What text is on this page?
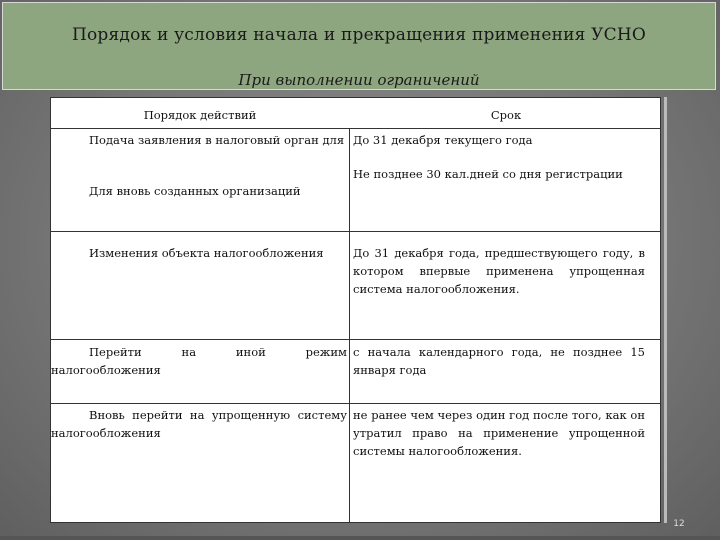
Порядок и условия начала и прекращения применения УСНО
При выполнении ограничений
Порядок действий	Срок
Подача заявления в налоговый орган для
Для вновь созданных организаций
До 31 декабря текущего года
Не позднее 30 кал.дней со дня регистрации
Изменения объекта налогообложения	До 31 декабря года, предшествующего году, в котором впервые применена упрощенная система налогообложения.
Перейти на иной режим налогообложения
с начала календарного года, не позднее 15 января года
Вновь перейти на упрощенную систему налогообложения
не ранее чем через один год после того, как он утратил право на применение упрощенной системы налогообложения.
12
